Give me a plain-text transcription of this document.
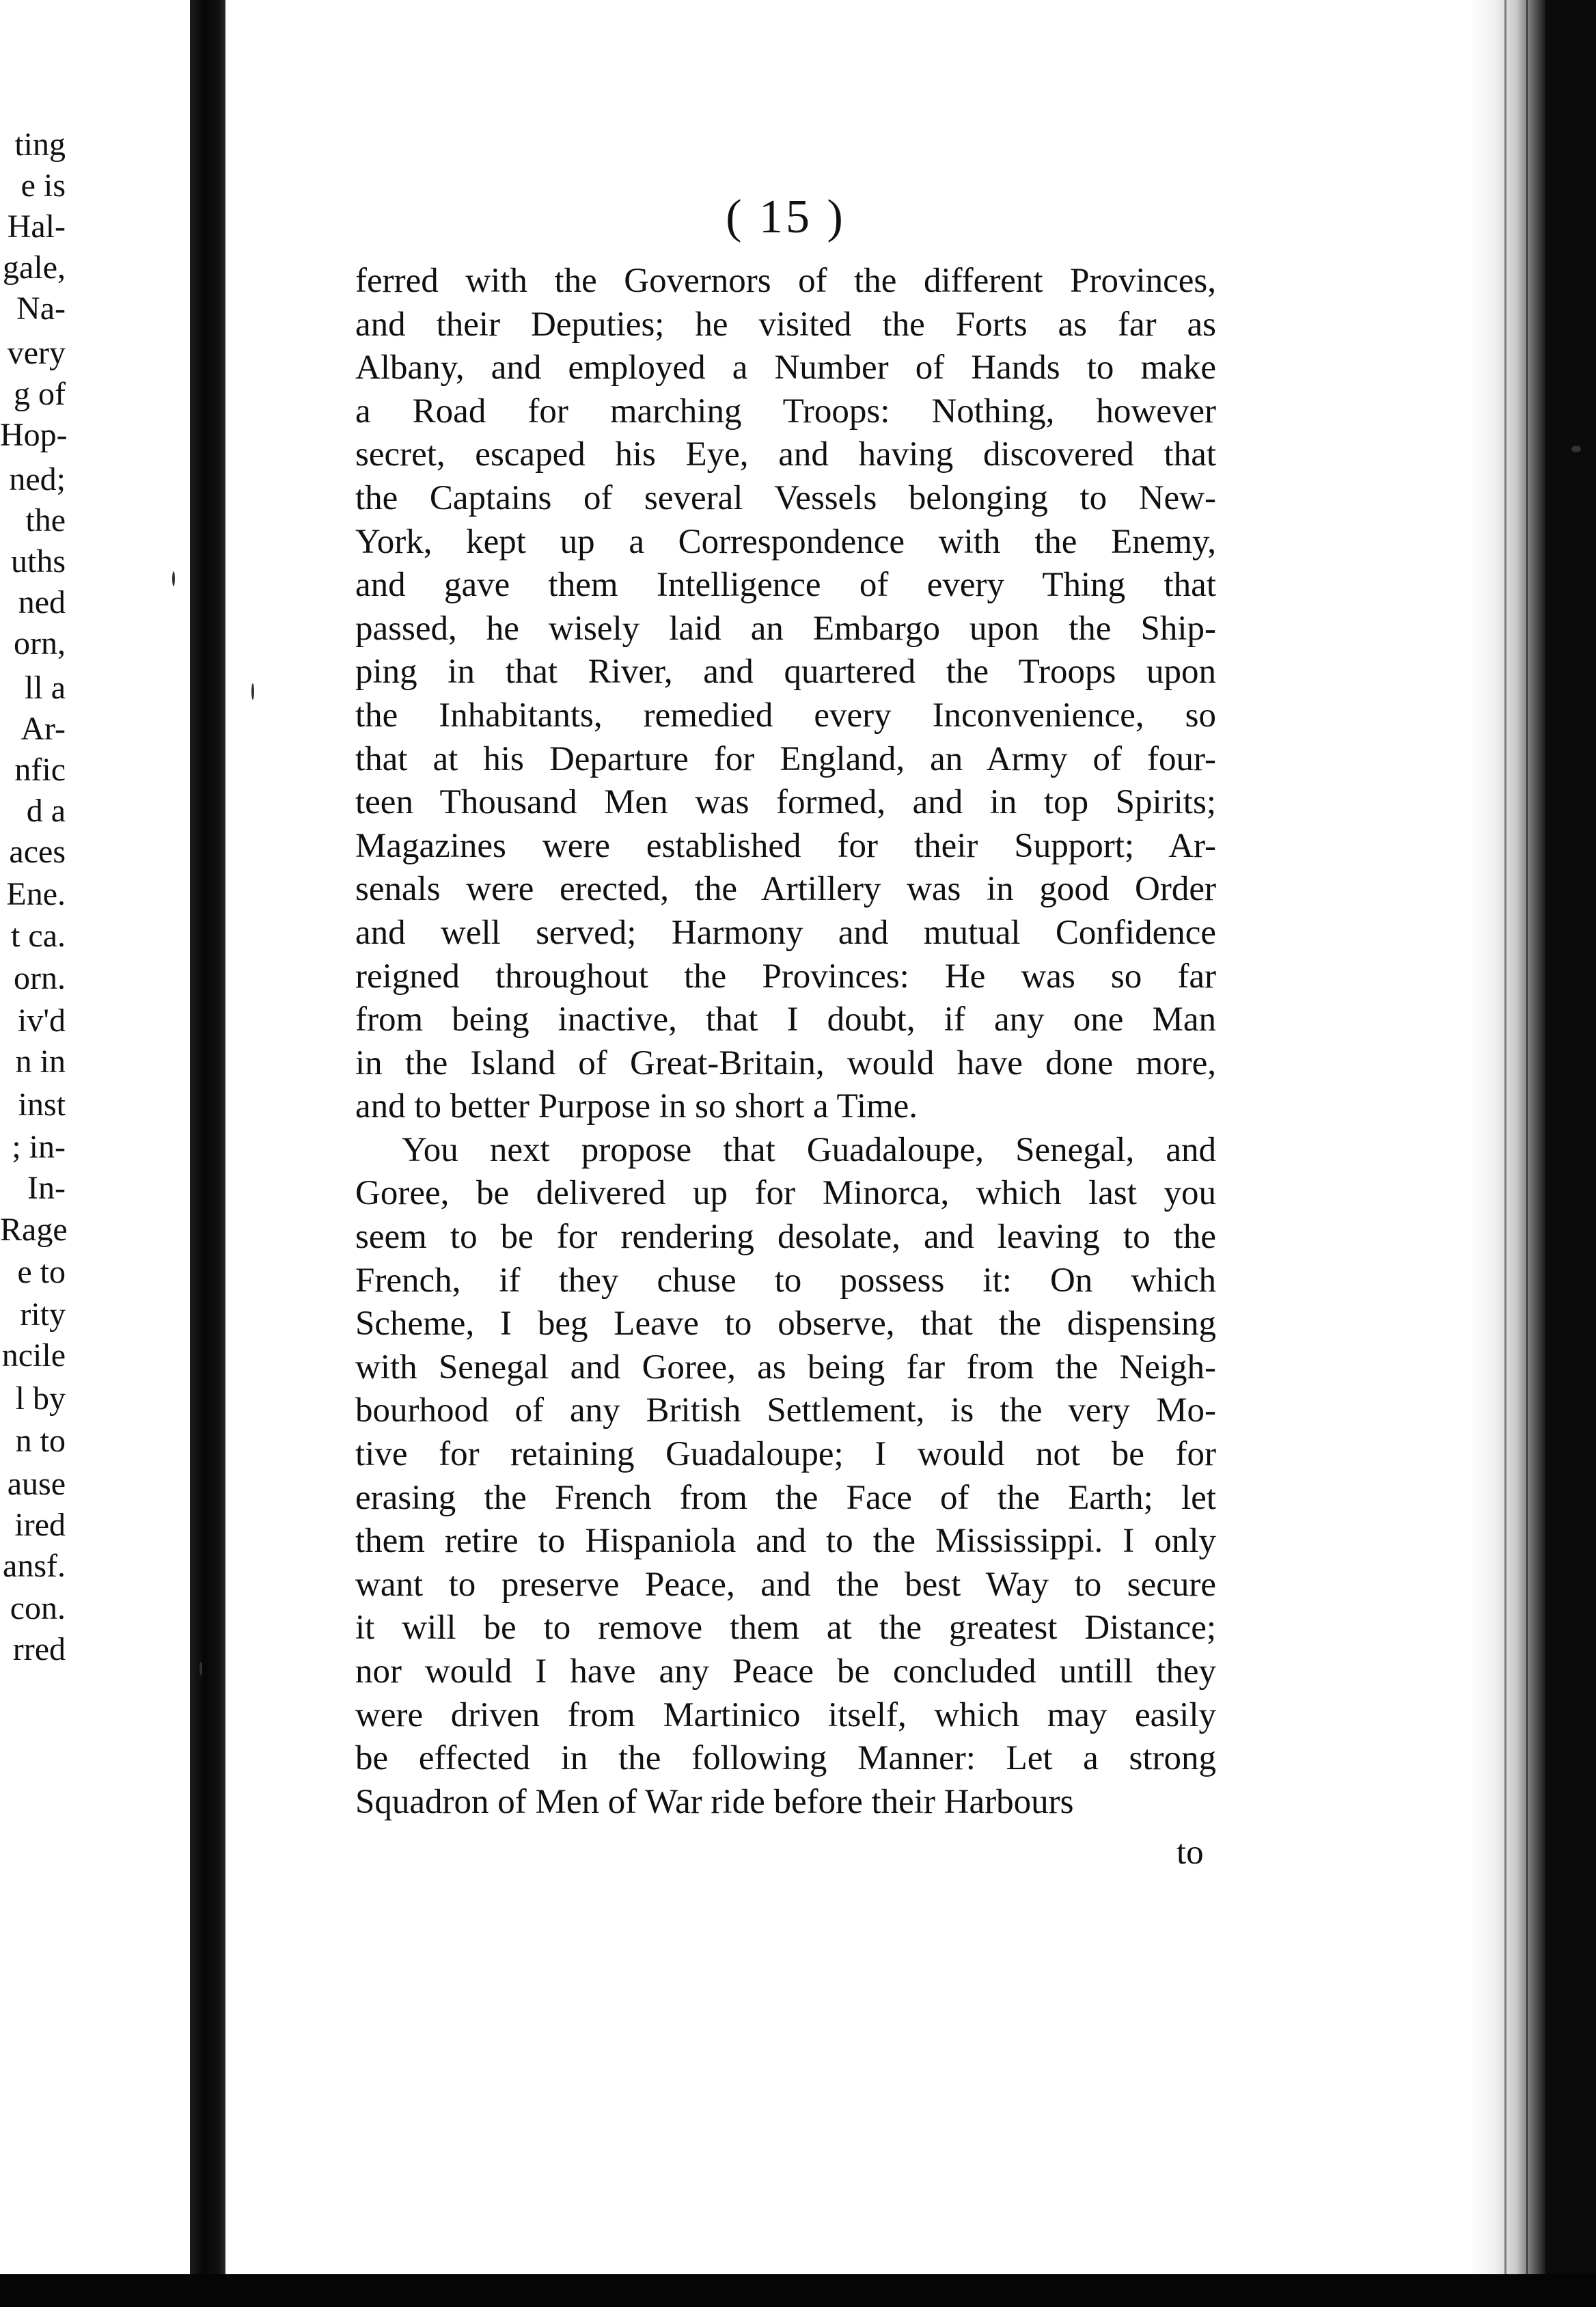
ting
e is
Hal-
gale,
Na-
very
g of
Hop-
ned;
the
uths
ned
orn,
ll a
Ar-
nfic
d a
aces
Ene.
t ca.
orn.
iv'd
n in
inst
; in-
In-
Rage
e to
rity
ncile
l by
n to
ause
ired
ansf.
con.
rred
( 15 )
ferred with the Governors of the different Provinces,
and their Deputies; he visited the Forts as far as
Albany, and employed a Number of Hands to make
a Road for marching Troops: Nothing, however
secret, escaped his Eye, and having discovered that
the Captains of several Vessels belonging to New-
York, kept up a Correspondence with the Enemy,
and gave them Intelligence of every Thing that
passed, he wisely laid an Embargo upon the Ship-
ping in that River, and quartered the Troops upon
the Inhabitants, remedied every Inconvenience, so
that at his Departure for England, an Army of four-
teen Thousand Men was formed, and in top Spirits;
Magazines were established for their Support; Ar-
senals were erected, the Artillery was in good Order
and well served; Harmony and mutual Confidence
reigned throughout the Provinces: He was so far
from being inactive, that I doubt, if any one Man
in the Island of Great-Britain, would have done more,
and to better Purpose in so short a Time.
You next propose that Guadaloupe, Senegal, and
Goree, be delivered up for Minorca, which last you
seem to be for rendering desolate, and leaving to the
French, if they chuse to possess it: On which
Scheme, I beg Leave to observe, that the dispensing
with Senegal and Goree, as being far from the Neigh-
bourhood of any British Settlement, is the very Mo-
tive for retaining Guadaloupe; I would not be for
erasing the French from the Face of the Earth; let
them retire to Hispaniola and to the Mississippi. I only
want to preserve Peace, and the best Way to secure
it will be to remove them at the greatest Distance;
nor would I have any Peace be concluded untill they
were driven from Martinico itself, which may easily
be effected in the following Manner: Let a strong
Squadron of Men of War ride before their Harbours
to
